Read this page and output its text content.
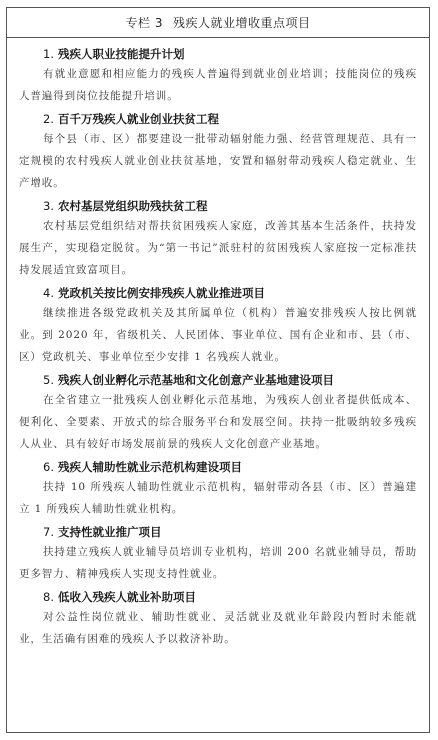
专栏 3 残疾人就业增收重点项目
1. 残疾人职业技能提升计划

有就业意愿和相应能力的残疾人普遍得到就业创业培训；技能岗位的残疾人普遍得到岗位技能提升培训。

2. 百千万残疾人就业创业扶贫工程

每个县（市、区）都要建设一批带动辐射能力强、经营管理规范、具有一定规模的农村残疾人就业创业扶贫基地，安置和辐射带动残疾人稳定就业、生产增收。

3. 农村基层党组织助残扶贫工程

农村基层党组织结对帮扶贫困残疾人家庭，改善其基本生活条件，扶持发展生产，实现稳定脱贫。为“第一书记”派驻村的贫困残疾人家庭按一定标准扶持发展适宜致富项目。

4. 党政机关按比例安排残疾人就业推进项目

继续推进各级党政机关及其所属单位（机构）普遍安排残疾人按比例就业。到 2020 年，省级机关、人民团体、事业单位、国有企业和市、县（市、区）党政机关、事业单位至少安排 1 名残疾人就业。

5. 残疾人创业孵化示范基地和文化创意产业基地建设项目

在全省建立一批残疾人创业孵化示范基地，为残疾人创业者提供低成本、便利化、全要素、开放式的综合服务平台和发展空间。扶持一批吸纳较多残疾人从业、具有较好市场发展前景的残疾人文化创意产业基地。

6. 残疾人辅助性就业示范机构建设项目

扶持 10 所残疾人辅助性就业示范机构，辐射带动各县（市、区）普遍建立 1 所残疾人辅助性就业机构。

7. 支持性就业推广项目

扶持建立残疾人就业辅导员培训专业机构，培训 200 名就业辅导员，帮助更多智力、精神残疾人实现支持性就业。

8. 低收入残疾人就业补助项目

对公益性岗位就业、辅助性就业、灵活就业及就业年龄段内暂时未能就业，生活确有困难的残疾人予以救济补助。
